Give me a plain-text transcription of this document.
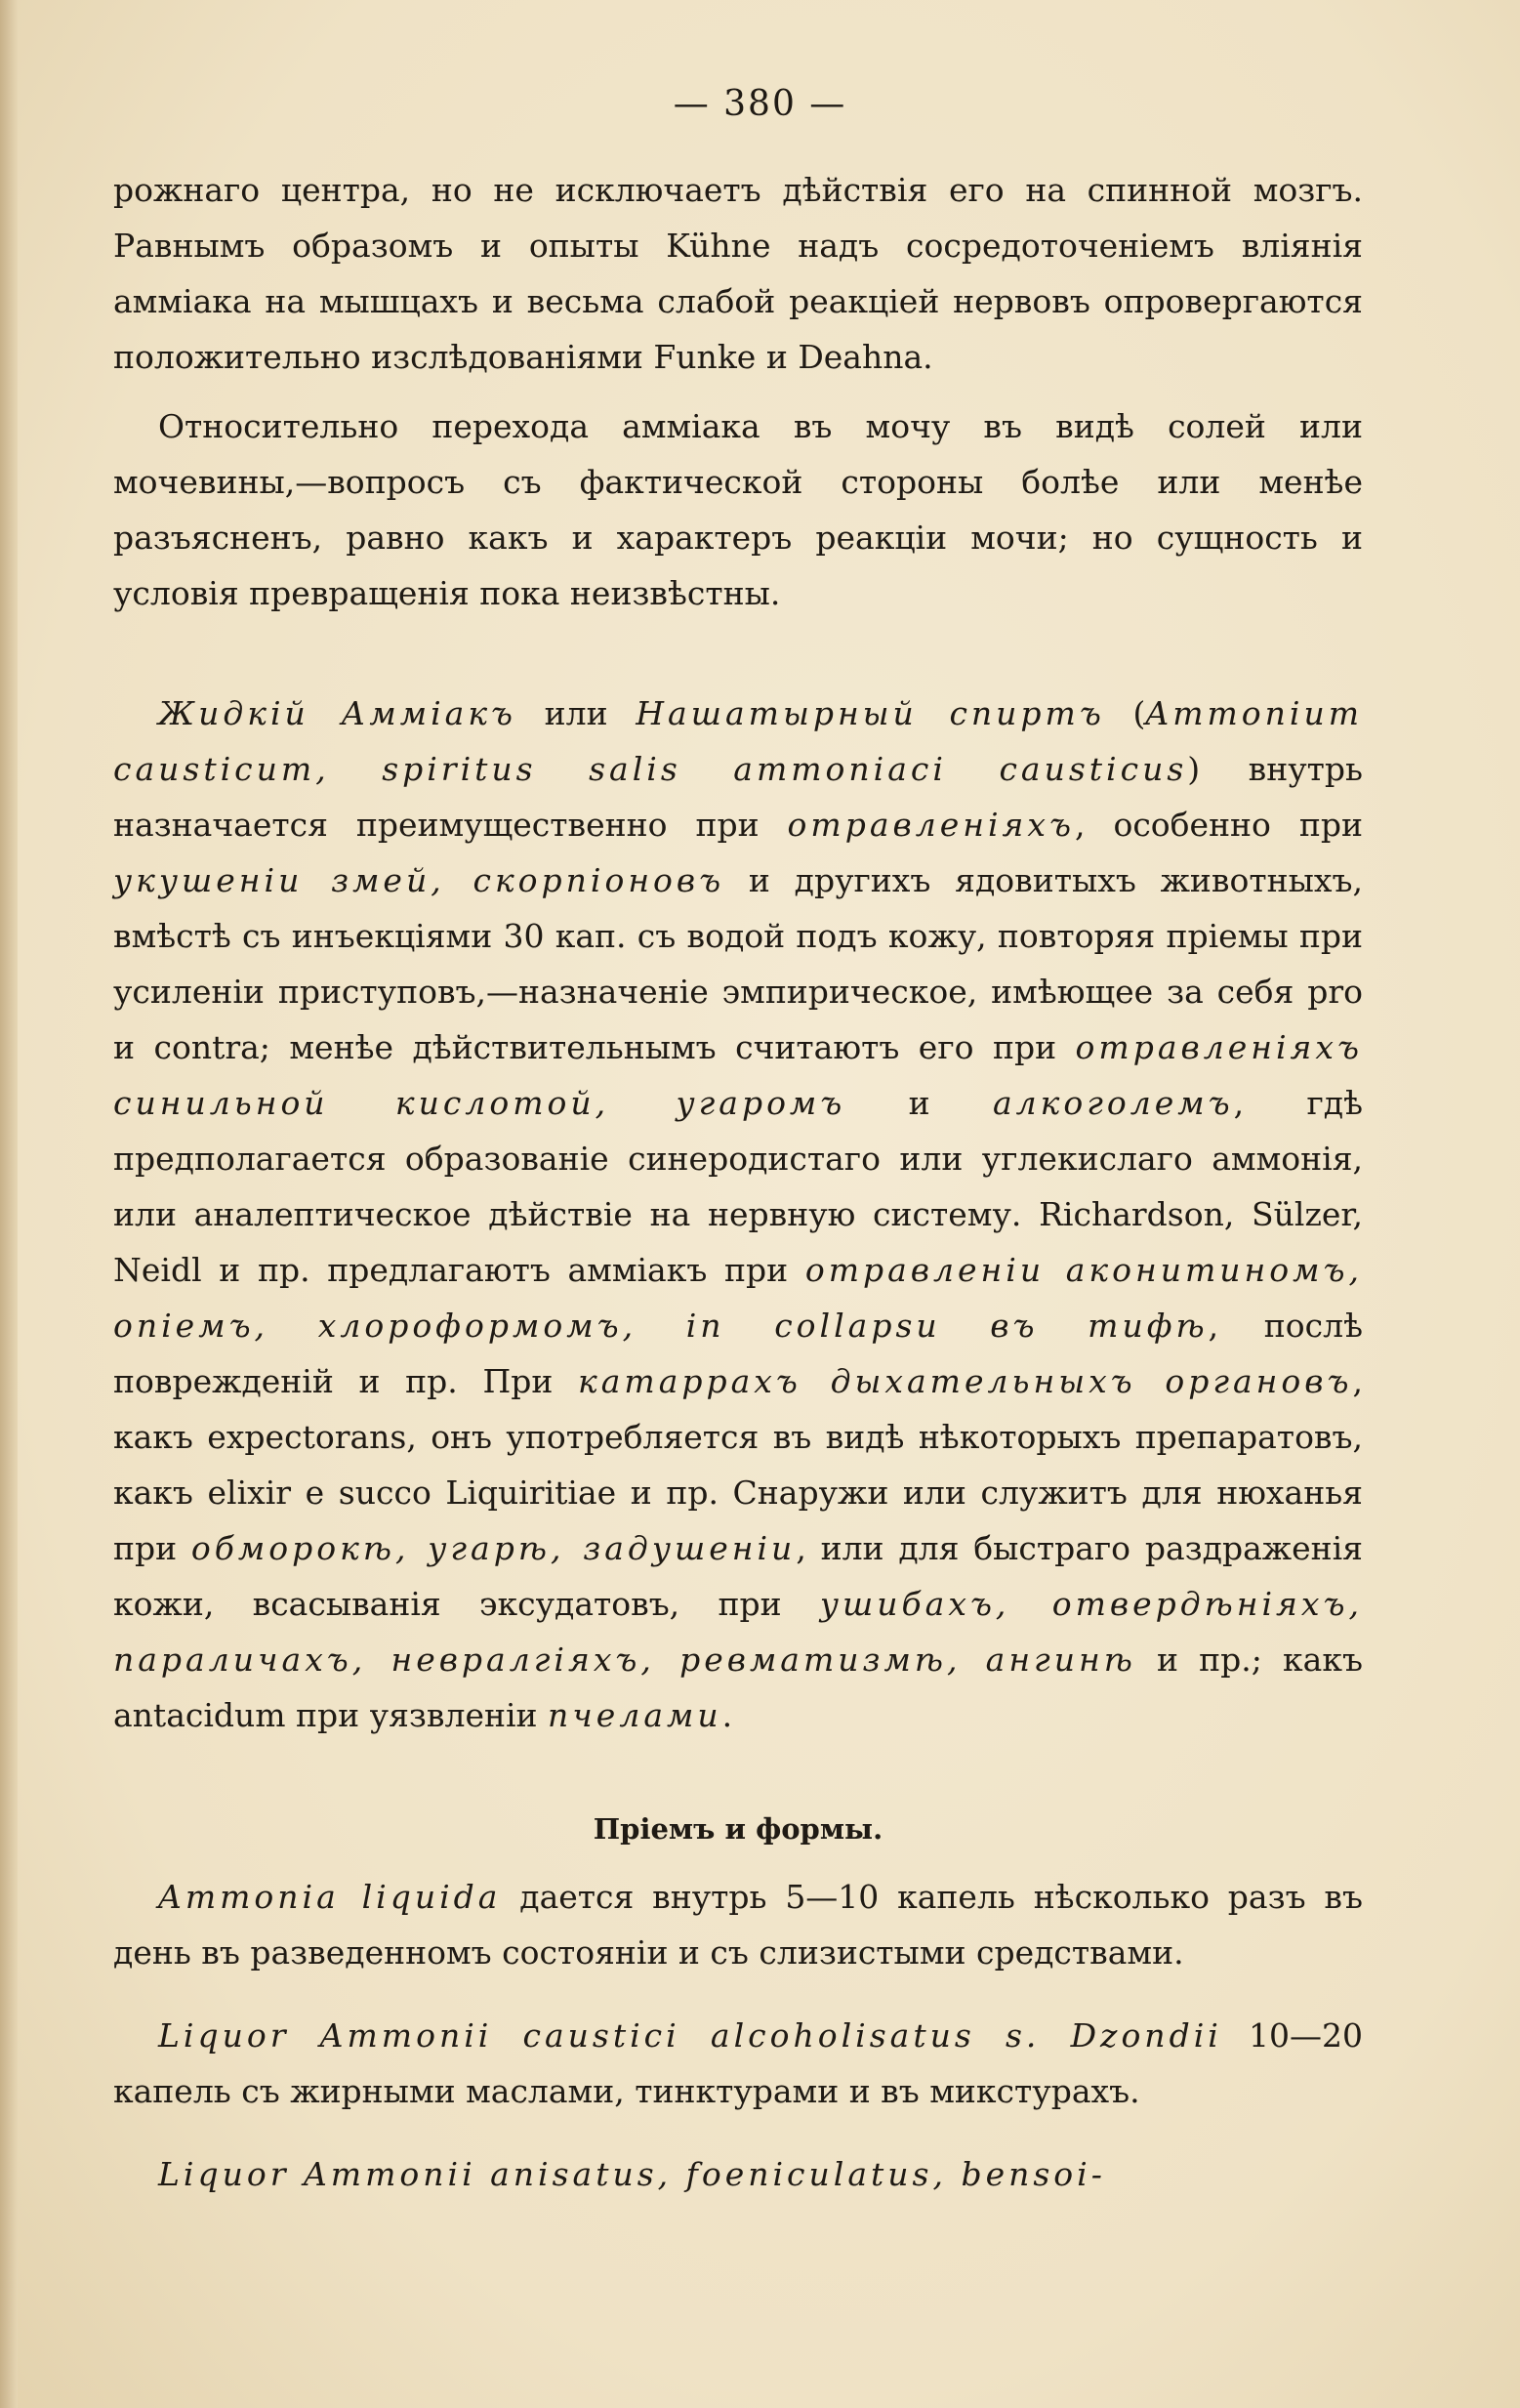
— 380 —

рожнаго центра, но не исключаетъ дѣйствія его на спинной мозгъ. Равнымъ образомъ и опыты Kühne надъ сосредоточеніемъ вліянія амміака на мышцахъ и весьма слабой реакціей нервовъ опровергаются положительно изслѣдованіями Funke и Deahna.

Относительно перехода амміака въ мочу въ видѣ солей или мочевины,—вопросъ съ фактической стороны болѣе или менѣе разъясненъ, равно какъ и характеръ реакціи мочи; но сущность и условія превращенія пока неизвѣстны.

Жидкій Амміакъ или Нашатырный спиртъ (Ammonium causticum, spiritus salis ammoniaci causticus) внутрь назначается преимущественно при отравленіяхъ, особенно при укушеніи змей, скорпіоновъ и другихъ ядовитыхъ животныхъ, вмѣстѣ съ инъекціями 30 кап. съ водой подъ кожу, повторяя пріемы при усиленіи приступовъ,—назначеніе эмпирическое, имѣющее за себя pro и contra; менѣе дѣйствительнымъ считаютъ его при отравленіяхъ синильной кислотой, угаромъ и алкоголемъ, гдѣ предполагается образованіе синеродистаго или углекислаго аммонія, или аналептическое дѣйствіе на нервную систему. Richardson, Sülzer, Neidl и пр. предлагаютъ амміакъ при отравленіи аконитиномъ, опіемъ, хлороформомъ, in collapsu въ тифѣ, послѣ поврежденій и пр. При катаррахъ дыхательныхъ органовъ, какъ expectorans, онъ употребляется въ видѣ нѣкоторыхъ препаратовъ, какъ elixir e succo Liquiritiae и пр. Снаружи или служитъ для нюханья при обморокѣ, угарѣ, задушеніи, или для быстраго раздраженія кожи, всасыванія эксудатовъ, при ушибахъ, отвердѣніяхъ, параличахъ, невралгіяхъ, ревматизмѣ, ангинѣ и пр.; какъ antacidum при уязвленіи пчелами.

Пріемъ и формы.

Ammonia liquida дается внутрь 5—10 капель нѣсколько разъ въ день въ разведенномъ состояніи и съ слизистыми средствами.

Liquor Ammonii caustici alcoholisatus s. Dzondii 10—20 капель съ жирными маслами, тинктурами и въ микстурахъ.

Liquor Ammonii anisatus, foeniculatus, bensoi-
